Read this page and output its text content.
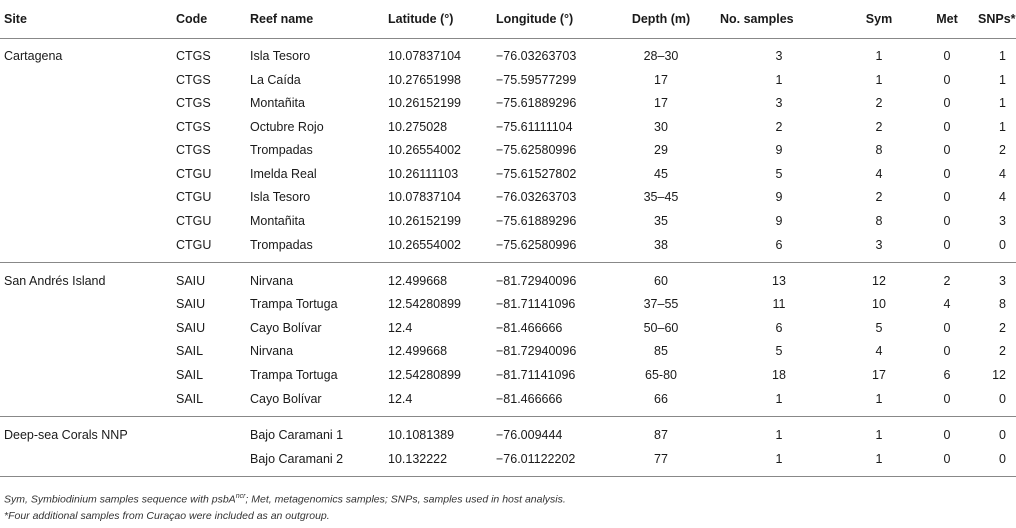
Site	Code	Reef name	Latitude (°)	Longitude (°)	Depth (m)	No. samples	Sym	Met	SNPs*
Cartagena	CTGS	Isla Tesoro	10.07837104	−76.03263703	28–30	3	1	0	1
	CTGS	La Caída	10.27651998	−75.59577299	17	1	1	0	1
	CTGS	Montañita	10.26152199	−75.61889296	17	3	2	0	1
	CTGS	Octubre Rojo	10.275028	−75.61111104	30	2	2	0	1
	CTGS	Trompadas	10.26554002	−75.62580996	29	9	8	0	2
	CTGU	Imelda Real	10.26111103	−75.61527802	45	5	4	0	4
	CTGU	Isla Tesoro	10.07837104	−76.03263703	35–45	9	2	0	4
	CTGU	Montañita	10.26152199	−75.61889296	35	9	8	0	3
	CTGU	Trompadas	10.26554002	−75.62580996	38	6	3	0	0
San Andrés Island	SAIU	Nirvana	12.499668	−81.72940096	60	13	12	2	3
	SAIU	Trampa Tortuga	12.54280899	−81.71141096	37–55	11	10	4	8
	SAIU	Cayo Bolívar	12.4	−81.466666	50–60	6	5	0	2
	SAIL	Nirvana	12.499668	−81.72940096	85	5	4	0	2
	SAIL	Trampa Tortuga	12.54280899	−81.71141096	65-80	18	17	6	12
	SAIL	Cayo Bolívar	12.4	−81.466666	66	1	1	0	0
Deep-sea Corals NNP		Bajo Caramani 1	10.1081389	−76.009444	87	1	1	0	0
		Bajo Caramani 2	10.132222	−76.01122202	77	1	1	0	0
Sym, Symbiodinium samples sequence with psbA$^{ncr}$; Met, metagenomics samples; SNPs, samples used in host analysis.
*Four additional samples from Curaçao were included as an outgroup.
